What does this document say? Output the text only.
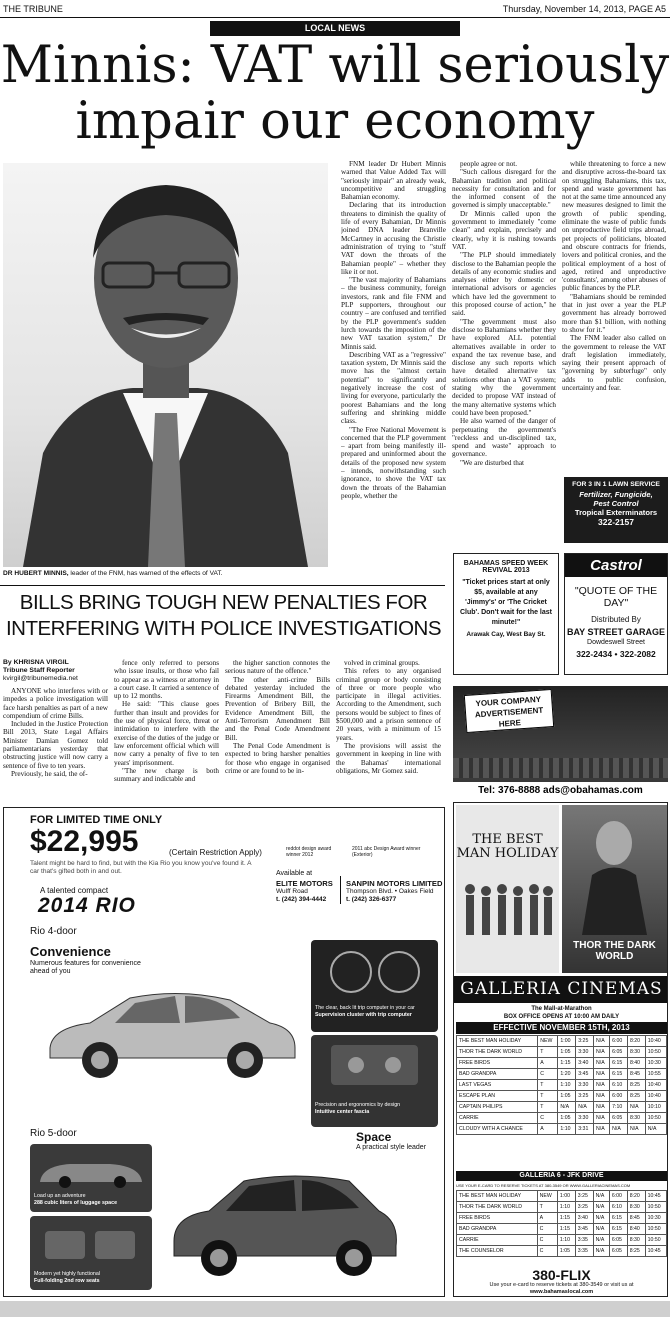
THE TRIBUNE	Thursday, November 14, 2013, PAGE A5
LOCAL NEWS
Minnis: VAT will seriously
impair our economy
DR HUBERT MINNIS, leader of the FNM, has warned of the effects of VAT.

FNM leader Dr Hubert Minnis warned that Value Added Tax will "seriously impair" an already weak, uncompetitive and struggling Bahamian economy.

Declaring that its introduction threatens to diminish the quality of life of every Bahamian, Dr Minnis joined DNA leader Branville McCartney in accusing the Christie administration of trying to "stuff VAT down the throats of the Bahamian people" – whether they like it or not.

"The vast majority of Bahamians – the business community, foreign investors, rank and file FNM and PLP supporters, throughout our country – are confused and terrified by the PLP government's sudden lurch towards the imposition of the new VAT taxation system," Dr Minnis said.

Describing VAT as a "regressive" taxation system, Dr Minnis said the move has the "almost certain potential" to significantly and negatively increase the cost of living for everyone, particularly the poorest Bahamians and the long suffering and shrinking middle class.

"The Free National Movement is concerned that the PLP government – apart from being manifestly ill-prepared and uninformed about the details of the proposed new system – intends, notwithstanding such ignorance, to shove the VAT tax down the throats of the Bahamian people, whether the

people agree or not.

"Such callous disregard for the Bahamian tradition and political necessity for consultation and for the informed consent of the governed is simply unacceptable."

Dr Minnis called upon the government to immediately "come clean" and explain, precisely and clearly, why it is rushing towards VAT.

"The PLP should immediately disclose to the Bahamian people the details of any economic studies and analyses either by domestic or international advisors or agencies which have led the government to this proposed course of action," he said.

"The government must also disclose to Bahamians whether they have explored ALL potential alternatives available in order to expand the tax revenue base, and disclose any such reports which have detailed alternative tax solutions other than a VAT system; stating why the government decided to propose VAT instead of the many alternative systems which could have been proposed."

He also warned of the danger of perpetuating the government's "reckless and un-disciplined tax, spend and waste" approach to governance.

"We are disturbed that

while threatening to force a new and disruptive across-the-board tax on struggling Bahamians, this tax, spend and waste government has not at the same time announced any new measures designed to limit the growth of public spending, eliminate the waste of public funds on unproductive field trips abroad, pet projects of politicians, bloated and obscure contracts for friends, lovers and political cronies, and the political employment of a host of aged, retired and unproductive 'consultants', among other abuses of public finances by the PLP.

"Bahamians should be reminded that in just over a year the PLP government has already borrowed more than $1 billion, with nothing to show for it."

The FNM leader also called on the government to release the VAT draft legislation immediately, saying their present approach of "governing by subterfuge" only adds to public confusion, uncertainty and fear.

FOR 3 IN 1 LAWN SERVICE
Fertilizer, Fungicide,
Pest Control
Tropical Exterminators
322-2157
BILLS BRING TOUGH NEW PENALTIES FOR
INTERFERING WITH POLICE INVESTIGATIONS
By KHRISNA VIRGIL
Tribune Staff Reporter
kvirgil@tribunemedia.net

ANYONE who interferes with or impedes a police investigation will face harsh penalties as part of a new compendium of crime Bills.

Included in the Justice Protection Bill 2013, State Legal Affairs Minister Damian Gomez told parliamentarians yesterday that obstructing justice will now carry a sentence of five to ten years.

Previously, he said, the of-

fence only referred to persons who issue insults, or those who fail to appear as a witness or attorney in a court case. It carried a sentence of up to 12 months.

He said: "This clause goes further than insult and provides for the use of physical force, threat or intimidation to interfere with the exercise of the duties of the judge or law enforcement official which will now carry a penalty of five to ten years' imprisonment.

"The new charge is both summary and indictable and

the higher sanction connotes the serious nature of the offence."

The other anti-crime Bills debated yesterday included the Firearms Amendment Bill, the Prevention of Bribery Bill, the Evidence Amendment Bill, the Anti-Terrorism Amendment Bill and the Penal Code Amendment Bill.

The Penal Code Amendment is expected to bring harsher penalties for those who engage in organised crime or are found to be in-

volved in criminal groups.

This refers to any organised criminal group or body consisting of three or more people who participate in illegal activities. According to the Amendment, such persons would be subject to fines of $500,000 and a prison sentence of 20 years, with a minimum of 15 years.

The provisions will assist the government in keeping in line with the Bahamas' international obligations, Mr Gomez said.

BAHAMAS SPEED WEEK REVIVAL 2013
"Ticket prices start at only $5, available at any 'Jimmy's' or 'The Cricket Club'. Don't wait for the last minute!"
Arawak Cay, West Bay St.
Castrol
"QUOTE OF THE DAY"
Distributed By
BAY STREET GARAGE
Dowdeswell Street
322-2434 • 322-2082
YOUR COMPANY
ADVERTISEMENT
HERE
Tel: 376-8888 ads@obahamas.com
THE BEST MAN HOLIDAY
THOR THE DARK WORLD
GALLERIA CINEMAS
The Mall-at-Marathon
BOX OFFICE OPENS AT 10:00 AM DAILY
EFFECTIVE NOVEMBER 15TH, 2013
THE BEST MAN HOLIDAY	NEW	1:00	3:25	N/A	6:00	8:20	10:40
THOR THE DARK WORLD	T	1:05	3:30	N/A	6:05	8:30	10:50
FREE BIRDS	A	1:15	3:40	N/A	6:15	8:40	10:30
BAD GRANDPA	C	1:20	3:45	N/A	6:15	8:45	10:55
LAST VEGAS	T	1:10	3:30	N/A	6:10	8:25	10:40
ESCAPE PLAN	T	1:05	3:25	N/A	6:00	8:25	10:40
CAPTAIN PHILIPS	T	N/A	N/A	N/A	7:10	N/A	10:10
CARRIE	C	1:05	3:30	N/A	6:05	8:30	10:50
CLOUDY WITH A CHANCE	A	1:10	3:31	N/A	N/A	N/A	N/A
GALLERIA 6 - JFK DRIVE
USE YOUR E-CARD TO RESERVE TICKETS AT 380-3549 OR WWW.GALLERIACINEMAS.COM
THE BEST MAN HOLIDAY	NEW	1:00	3:25	N/A	6:00	8:20	10:45
THOR THE DARK WORLD	T	1:10	3:25	N/A	6:10	8:30	10:50
FREE BIRDS	A	1:15	3:40	N/A	6:15	8:45	10:30
BAD GRANDPA	C	1:15	3:45	N/A	6:15	8:40	10:50
CARRIE	C	1:10	3:35	N/A	6:05	8:30	10:50
THE COUNSELOR	C	1:05	3:35	N/A	6:05	8:25	10:45
380-FLIX
Use your e-card to reserve tickets at 380-3549 or visit us at
www.bahamaslocal.com
FOR LIMITED TIME ONLY
$22,995	(Certain Restriction Apply)
Talent might be hard to find, but with the Kia Rio you know you've found it. A car that's gifted both in and out.
reddot design award winner 2012
2011 abc Design Award winner (Exterior)
Available at
ELITE MOTORS
Wulff Road
t. (242) 394-4442
SANPIN MOTORS LIMITED
Thompson Blvd. • Oakes Field
t. (242) 326-6377
A talented compact
2014 RIO
Rio 4-door
Convenience
Numerous features for convenience ahead of you
The clear, back lit trip computer in your car
Supervision cluster with trip computer
Precision and ergonomics by design
Intuitive center fascia
Rio 5-door
Load up an adventure
288 cubic liters of luggage space
Modern yet highly functional
Full-folding 2nd row seats
Space
A practical style leader
